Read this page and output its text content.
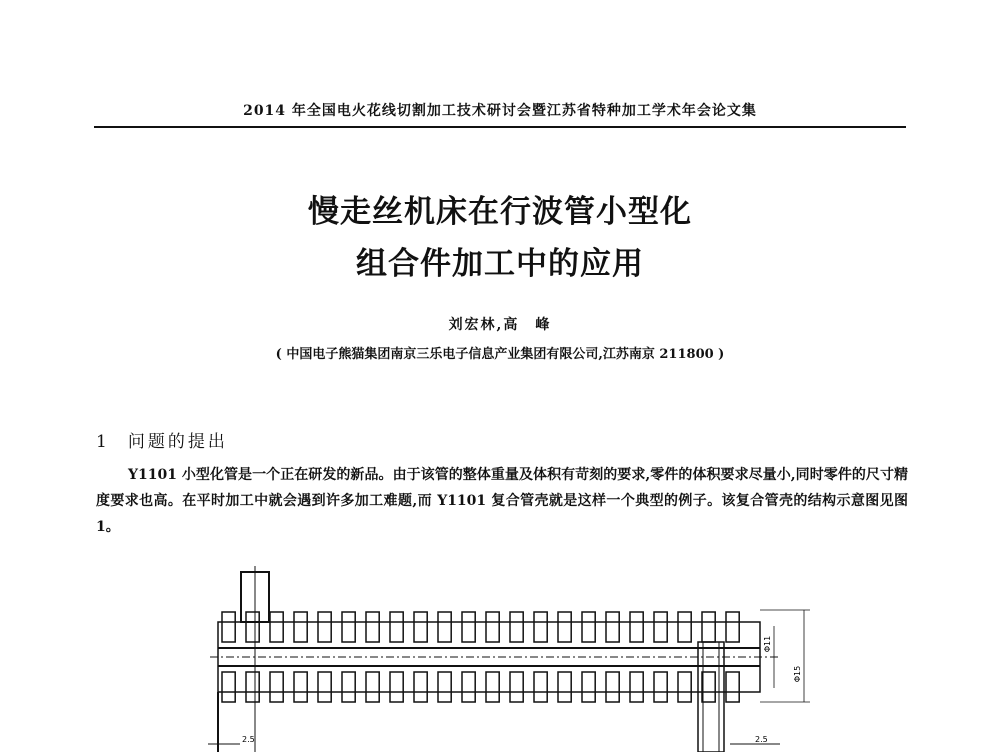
2014 年全国电火花线切割加工技术研讨会暨江苏省特种加工学术年会论文集
慢走丝机床在行波管小型化
组合件加工中的应用
刘宏林,高　峰
( 中国电子熊猫集团南京三乐电子信息产业集团有限公司,江苏南京 211800 )
1 问题的提出
Y1101 小型化管是一个正在研发的新品。由于该管的整体重量及体积有苛刻的要求,零件的体积要求尽量小,同时零件的尺寸精度要求也高。在平时加工中就会遇到许多加工难题,而 Y1101 复合管壳就是这样一个典型的例子。该复合管壳的结构示意图见图 1。
2.5	2.5
Φ11
Φ15
